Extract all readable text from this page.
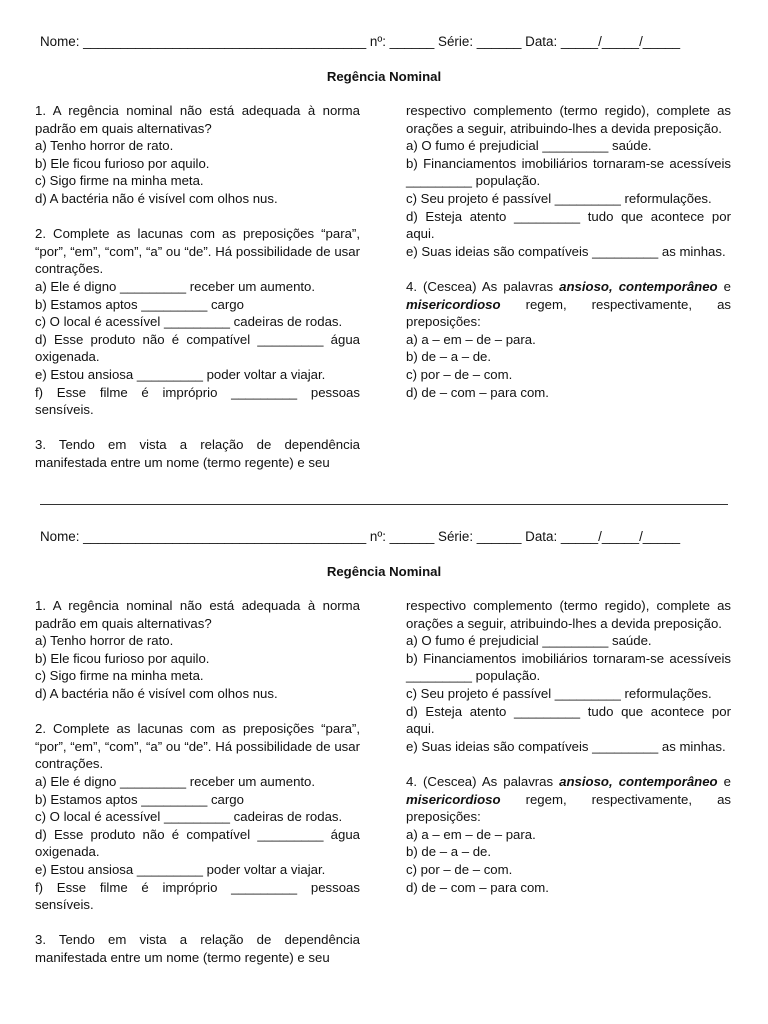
Nome: ______________________________________ nº: ______ Série: ______ Data: _____/_____/_____
Regência Nominal

1. A regência nominal não está adequada à norma padrão em quais alternativas?

a) Tenho horror de rato.

b) Ele ficou furioso por aquilo.

c) Sigo firme na minha meta.

d) A bactéria não é visível com olhos nus.

2. Complete as lacunas com as preposições “para”, “por”, “em”, “com”, “a” ou “de”. Há possibilidade de usar contrações.

a) Ele é digno _________ receber um aumento.

b) Estamos aptos _________ cargo

c) O local é acessível _________ cadeiras de rodas.

d) Esse produto não é compatível _________ água oxigenada.

e) Estou ansiosa _________ poder voltar a viajar.

f) Esse filme é impróprio _________ pessoas sensíveis.

3. Tendo em vista a relação de dependência manifestada entre um nome (termo regente) e seu

respectivo complemento (termo regido), complete as orações a seguir, atribuindo-lhes a devida preposição.

a) O fumo é prejudicial _________ saúde.

b) Financiamentos imobiliários tornaram-se acessíveis _________ população.

c) Seu projeto é passível _________ reformulações.

d) Esteja atento _________ tudo que acontece por aqui.

e) Suas ideias são compatíveis _________ as minhas.

4. (Cescea) As palavras ansioso, contemporâneo e misericordioso regem, respectivamente, as preposições:

a) a – em – de – para.

b) de – a – de.

c) por – de – com.

d) de – com – para com.

Nome: ______________________________________ nº: ______ Série: ______ Data: _____/_____/_____
Regência Nominal

1. A regência nominal não está adequada à norma padrão em quais alternativas?

a) Tenho horror de rato.

b) Ele ficou furioso por aquilo.

c) Sigo firme na minha meta.

d) A bactéria não é visível com olhos nus.

2. Complete as lacunas com as preposições “para”, “por”, “em”, “com”, “a” ou “de”. Há possibilidade de usar contrações.

a) Ele é digno _________ receber um aumento.

b) Estamos aptos _________ cargo

c) O local é acessível _________ cadeiras de rodas.

d) Esse produto não é compatível _________ água oxigenada.

e) Estou ansiosa _________ poder voltar a viajar.

f) Esse filme é impróprio _________ pessoas sensíveis.

3. Tendo em vista a relação de dependência manifestada entre um nome (termo regente) e seu

respectivo complemento (termo regido), complete as orações a seguir, atribuindo-lhes a devida preposição.

a) O fumo é prejudicial _________ saúde.

b) Financiamentos imobiliários tornaram-se acessíveis _________ população.

c) Seu projeto é passível _________ reformulações.

d) Esteja atento _________ tudo que acontece por aqui.

e) Suas ideias são compatíveis _________ as minhas.

4. (Cescea) As palavras ansioso, contemporâneo e misericordioso regem, respectivamente, as preposições:

a) a – em – de – para.

b) de – a – de.

c) por – de – com.

d) de – com – para com.
